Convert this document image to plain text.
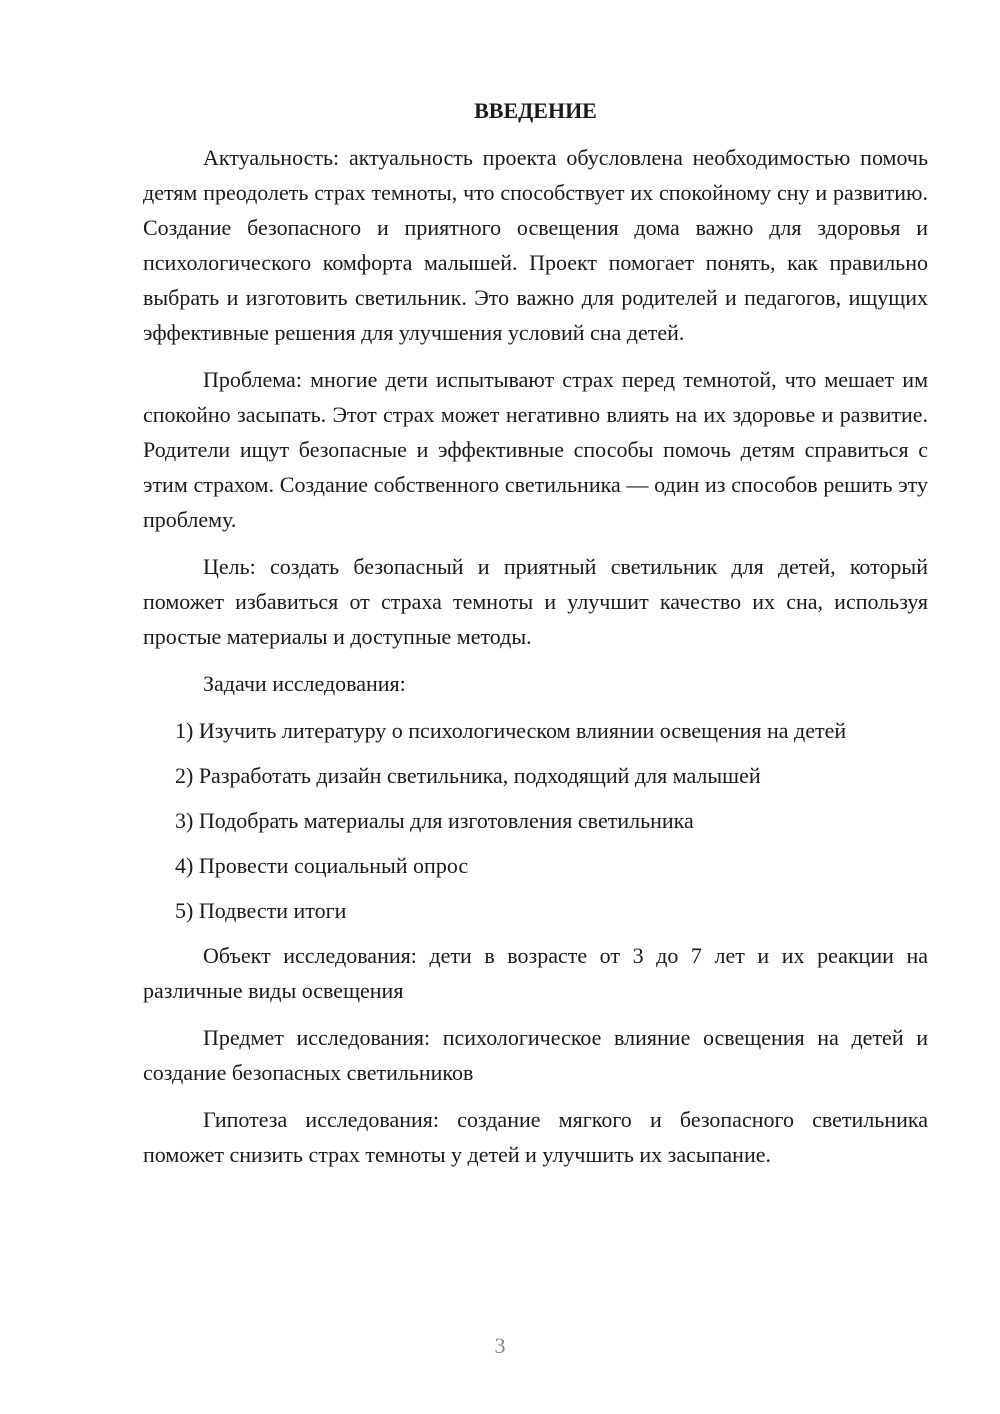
ВВЕДЕНИЕ

Актуальность: актуальность проекта обусловлена необходимостью помочь детям преодолеть страх темноты, что способствует их спокойному сну и развитию. Создание безопасного и приятного освещения дома важно для здоровья и психологического комфорта малышей. Проект помогает понять, как правильно выбрать и изготовить светильник. Это важно для родителей и педагогов, ищущих эффективные решения для улучшения условий сна детей.

Проблема: многие дети испытывают страх перед темнотой, что мешает им спокойно засыпать. Этот страх может негативно влиять на их здоровье и развитие. Родители ищут безопасные и эффективные способы помочь детям справиться с этим страхом. Создание собственного светильника — один из способов решить эту проблему.

Цель: создать безопасный и приятный светильник для детей, который поможет избавиться от страха темноты и улучшит качество их сна, используя простые материалы и доступные методы.

Задачи исследования:

1) Изучить литературу о психологическом влиянии освещения на детей

2) Разработать дизайн светильника, подходящий для малышей

3) Подобрать материалы для изготовления светильника

4) Провести социальный опрос

5) Подвести итоги

Объект исследования: дети в возрасте от 3 до 7 лет и их реакции на различные виды освещения

Предмет исследования: психологическое влияние освещения на детей и создание безопасных светильников

Гипотеза исследования: создание мягкого и безопасного светильника поможет снизить страх темноты у детей и улучшить их засыпание.

3
